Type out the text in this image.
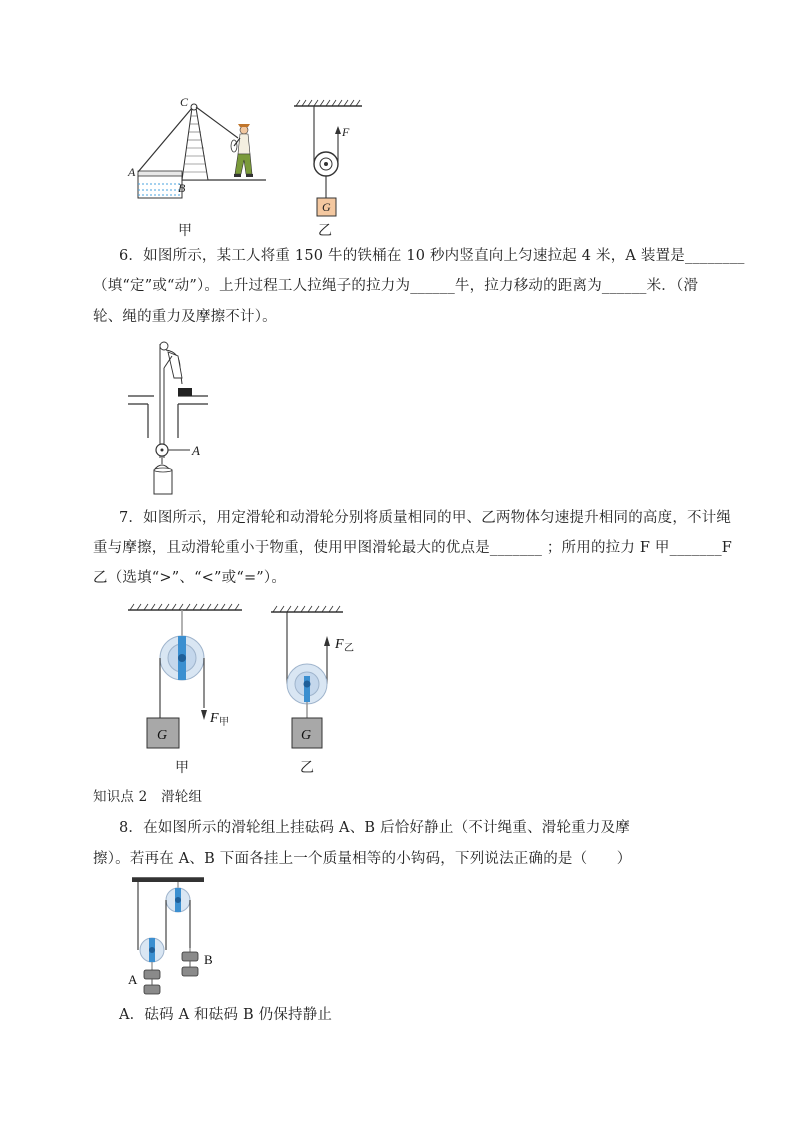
C
A
B
F
G
甲	乙
6．如图所示，某工人将重 150 牛的铁桶在 10 秒内竖直向上匀速拉起 4 米，A 装置是________
（填“定”或“动”）。上升过程工人拉绳子的拉力为______牛，拉力移动的距离为______米．（滑
轮、绳的重力及摩擦不计）。
A
7．如图所示，用定滑轮和动滑轮分别将质量相同的甲、乙两物体匀速提升相同的高度，不计绳
重与摩擦，且动滑轮重小于物重，使用甲图滑轮最大的优点是_______ ；所用的拉力 F 甲_______F
乙（选填“>”、“<”或“=”）。
G
F 甲
甲
G
F 乙
乙
知识点 2　滑轮组
8．在如图所示的滑轮组上挂砝码 A、B 后恰好静止（不计绳重、滑轮重力及摩
擦）。若再在 A、B 下面各挂上一个质量相等的小钩码，下列说法正确的是（　　）
A
B
A．砝码 A 和砝码 B 仍保持静止
